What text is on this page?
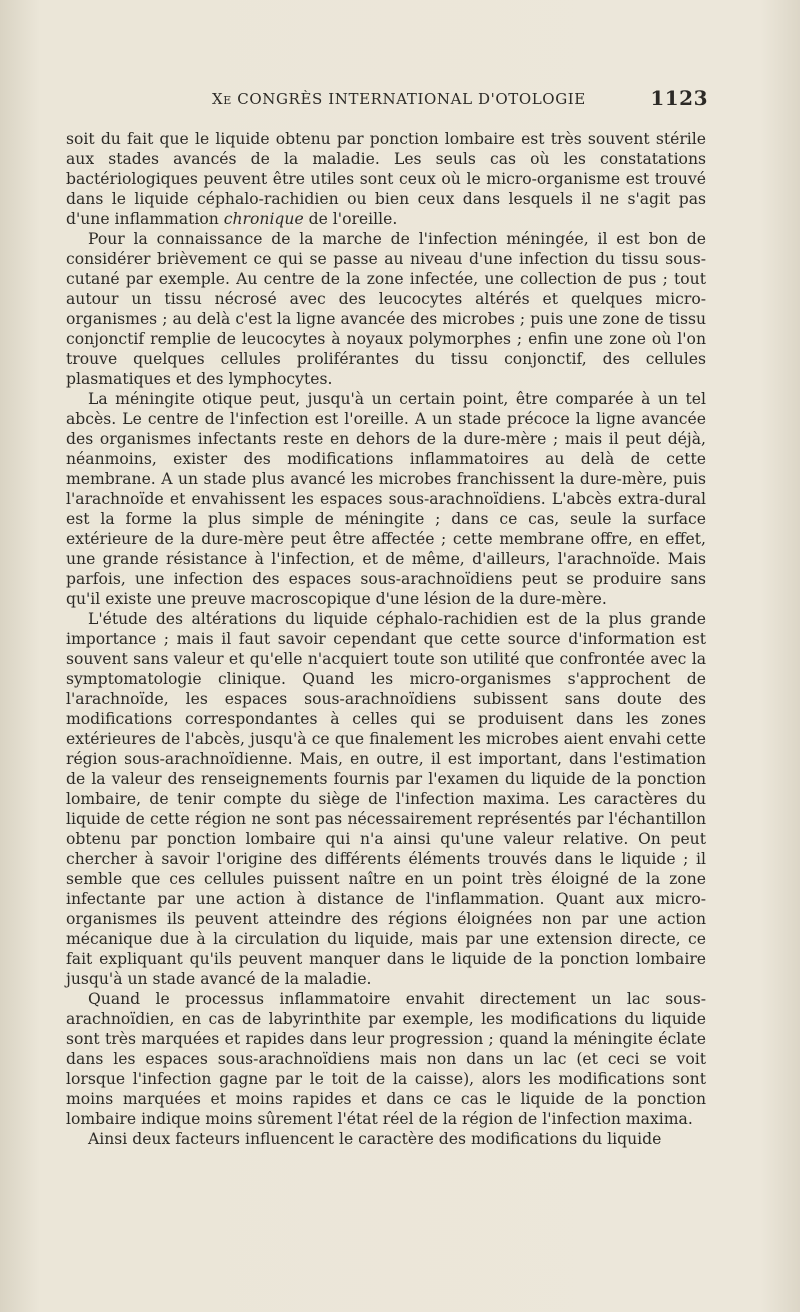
Xe CONGRÈS INTERNATIONAL D'OTOLOGIE	1123

soit du fait que le liquide obtenu par ponction lombaire est très souvent stérile aux stades avancés de la maladie. Les seuls cas où les constatations bactériologiques peuvent être utiles sont ceux où le micro-organisme est trouvé dans le liquide céphalo-rachidien ou bien ceux dans lesquels il ne s'agit pas d'une inflammation chronique de l'oreille.

Pour la connaissance de la marche de l'infection méningée, il est bon de considérer brièvement ce qui se passe au niveau d'une infection du tissu sous-cutané par exemple. Au centre de la zone infectée, une collection de pus ; tout autour un tissu nécrosé avec des leucocytes altérés et quelques micro-organismes ; au delà c'est la ligne avancée des microbes ; puis une zone de tissu conjonctif remplie de leucocytes à noyaux polymorphes ; enfin une zone où l'on trouve quelques cellules proliférantes du tissu conjonctif, des cellules plasmatiques et des lymphocytes.

La méningite otique peut, jusqu'à un certain point, être comparée à un tel abcès. Le centre de l'infection est l'oreille. A un stade précoce la ligne avancée des organismes infectants reste en dehors de la dure-mère ; mais il peut déjà, néanmoins, exister des modifications inflammatoires au delà de cette membrane. A un stade plus avancé les microbes franchissent la dure-mère, puis l'arachnoïde et envahissent les espaces sous-arachnoïdiens. L'abcès extra-dural est la forme la plus simple de méningite ; dans ce cas, seule la surface extérieure de la dure-mère peut être affectée ; cette membrane offre, en effet, une grande résistance à l'infection, et de même, d'ailleurs, l'arachnoïde. Mais parfois, une infection des espaces sous-arachnoïdiens peut se produire sans qu'il existe une preuve macroscopique d'une lésion de la dure-mère.

L'étude des altérations du liquide céphalo-rachidien est de la plus grande importance ; mais il faut savoir cependant que cette source d'information est souvent sans valeur et qu'elle n'acquiert toute son utilité que confrontée avec la symptomatologie clinique. Quand les micro-organismes s'approchent de l'arachnoïde, les espaces sous-arachnoïdiens subissent sans doute des modifications correspondantes à celles qui se produisent dans les zones extérieures de l'abcès, jusqu'à ce que finalement les microbes aient envahi cette région sous-arachnoïdienne. Mais, en outre, il est important, dans l'estimation de la valeur des renseignements fournis par l'examen du liquide de la ponction lombaire, de tenir compte du siège de l'infection maxima. Les caractères du liquide de cette région ne sont pas nécessairement représentés par l'échantillon obtenu par ponction lombaire qui n'a ainsi qu'une valeur relative. On peut chercher à savoir l'origine des différents éléments trouvés dans le liquide ; il semble que ces cellules puissent naître en un point très éloigné de la zone infectante par une action à distance de l'inflammation. Quant aux micro-organismes ils peuvent atteindre des régions éloignées non par une action mécanique due à la circulation du liquide, mais par une extension directe, ce fait expliquant qu'ils peuvent manquer dans le liquide de la ponction lombaire jusqu'à un stade avancé de la maladie.

Quand le processus inflammatoire envahit directement un lac sous-arachnoïdien, en cas de labyrinthite par exemple, les modifications du liquide sont très marquées et rapides dans leur progression ; quand la méningite éclate dans les espaces sous-arachnoïdiens mais non dans un lac (et ceci se voit lorsque l'infection gagne par le toit de la caisse), alors les modifications sont moins marquées et moins rapides et dans ce cas le liquide de la ponction lombaire indique moins sûrement l'état réel de la région de l'infection maxima.

Ainsi deux facteurs influencent le caractère des modifications du liquide
